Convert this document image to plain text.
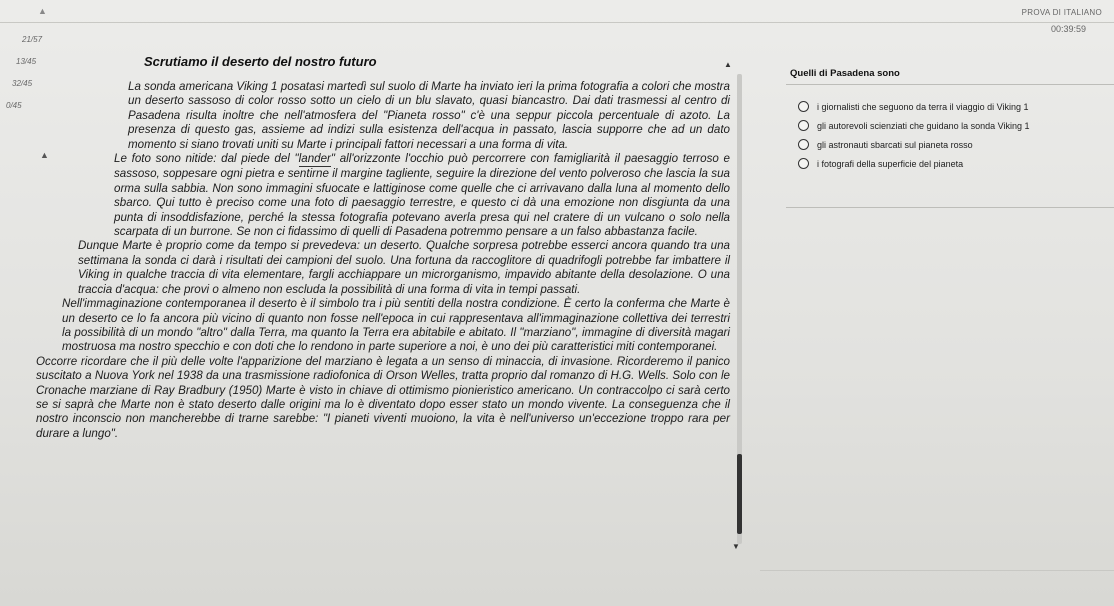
▲	PROVA DI ITALIANO
00:39:59
21/57
13/45
32/45
0/45
▲
Scrutiamo il deserto del nostro futuro	▲

La sonda americana Viking 1 posatasi martedì sul suolo di Marte ha inviato ieri la prima fotografia a colori che mostra un deserto sassoso di color rosso sotto un cielo di un blu slavato, quasi biancastro. Dai dati trasmessi al centro di Pasadena risulta inoltre che nell'atmosfera del "Pianeta rosso" c'è una seppur piccola percentuale di azoto. La presenza di questo gas, assieme ad indizi sulla esistenza dell'acqua in passato, lascia supporre che ad un dato momento si siano trovati uniti su Marte i principali fattori necessari a una forma di vita.

Le foto sono nitide: dal piede del "lander" all'orizzonte l'occhio può percorrere con famigliarità il paesaggio terroso e sassoso, soppesare ogni pietra e sentirne il margine tagliente, seguire la direzione del vento polveroso che lascia la sua orma sulla sabbia. Non sono immagini sfuocate e lattiginose come quelle che ci arrivavano dalla luna al momento dello sbarco. Qui tutto è preciso come una foto di paesaggio terrestre, e questo ci dà una emozione non disgiunta da una punta di insoddisfazione, perché la stessa fotografia potevano averla presa qui nel cratere di un vulcano o solo nella scarpata di un burrone. Se non ci fidassimo di quelli di Pasadena potremmo pensare a un falso abbastanza facile.

Dunque Marte è proprio come da tempo si prevedeva: un deserto. Qualche sorpresa potrebbe esserci ancora quando tra una settimana la sonda ci darà i risultati dei campioni del suolo. Una fortuna da raccoglitore di quadrifogli potrebbe far imbattere il Viking in qualche traccia di vita elementare, fargli acchiappare un microrganismo, impavido abitante della desolazione. O una traccia d'acqua: che provi o almeno non escluda la possibilità di una forma di vita in tempi passati.

Nell'immaginazione contemporanea il deserto è il simbolo tra i più sentiti della nostra condizione. È certo la conferma che Marte è un deserto ce lo fa ancora più vicino di quanto non fosse nell'epoca in cui rappresentava all'immaginazione collettiva dei terrestri la possibilità di un mondo "altro" dalla Terra, ma quanto la Terra era abitabile e abitato. Il "marziano", immagine di diversità magari mostruosa ma nostro specchio e con doti che lo rendono in parte superiore a noi, è uno dei più caratteristici miti contemporanei.

Occorre ricordare che il più delle volte l'apparizione del marziano è legata a un senso di minaccia, di invasione. Ricorderemo il panico suscitato a Nuova York nel 1938 da una trasmissione radiofonica di Orson Welles, tratta proprio dal romanzo di H.G. Wells. Solo con le Cronache marziane di Ray Bradbury (1950) Marte è visto in chiave di ottimismo pionieristico americano. Un contraccolpo ci sarà certo se si saprà che Marte non è stato deserto dalle origini ma lo è diventato dopo esser stato un mondo vivente. La conseguenza che il nostro inconscio non mancherebbe di trarne sarebbe: "I pianeti viventi muoiono, la vita è nell'universo un'eccezione troppo rara per durare a lungo".

▼
Quelli di Pasadena sono
i giornalisti che seguono da terra il viaggio di Viking 1
gli autorevoli scienziati che guidano la sonda Viking 1
gli astronauti sbarcati sul pianeta rosso
i fotografi della superficie del pianeta
